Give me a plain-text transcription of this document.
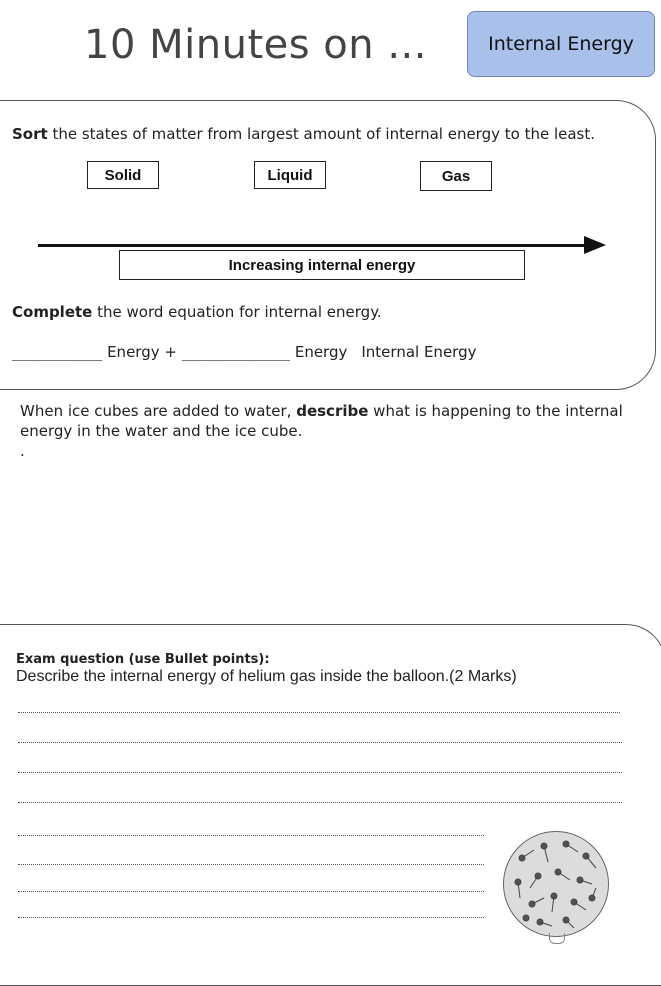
10 Minutes on ...	Internal Energy
Sort the states of matter from largest amount of internal energy to the least.
Solid	Liquid	Gas
Increasing internal energy
Complete the word equation for internal energy.
__________ Energy + ____________ Energy Internal Energy
When ice cubes are added to water, describe what is happening to the internal energy in the water and the ice cube.
.
Exam question (use Bullet points):
Describe the internal energy of helium gas inside the balloon.(2 Marks)
